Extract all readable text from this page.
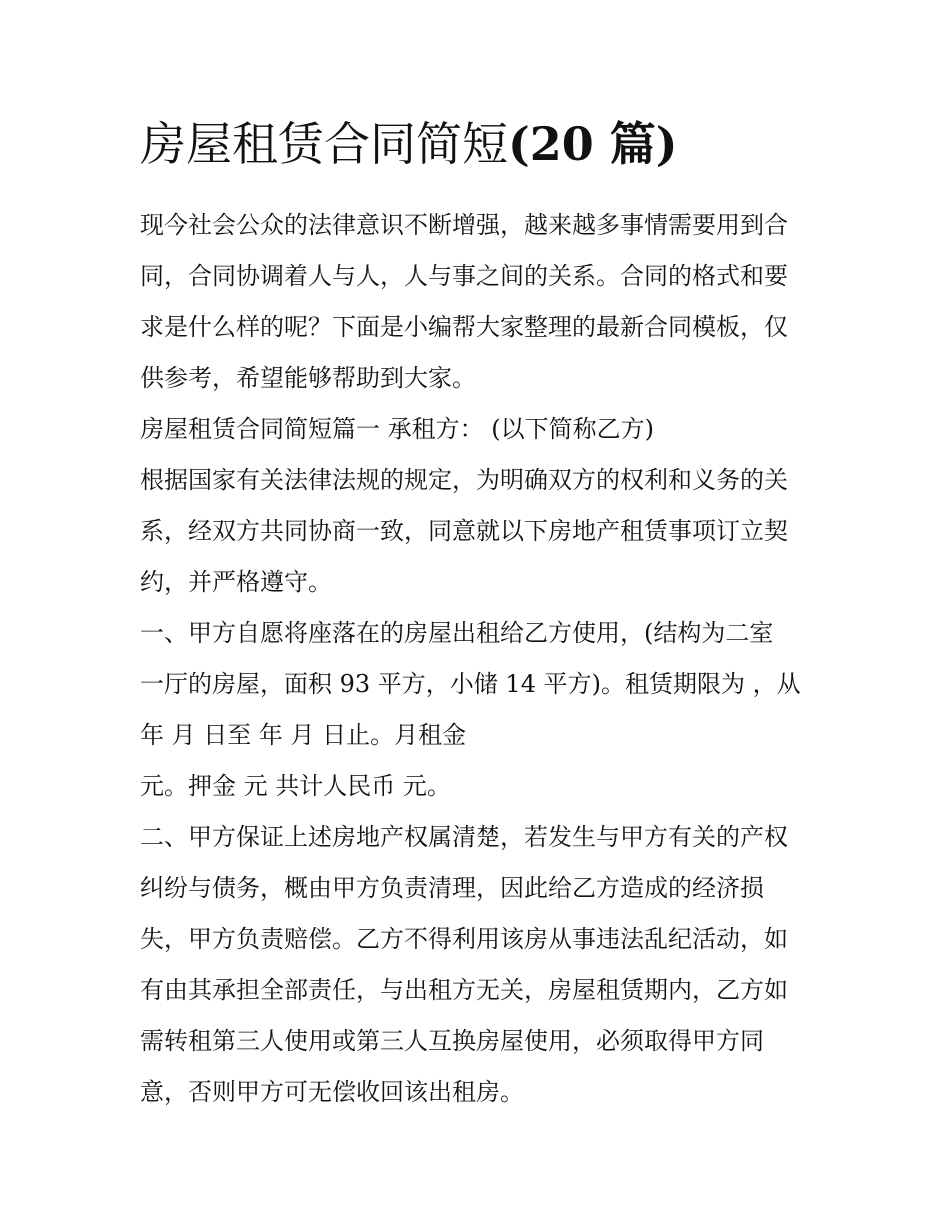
房屋租赁合同简短(20 篇)
现今社会公众的法律意识不断增强，越来越多事情需要用到合
同，合同协调着人与人，人与事之间的关系。合同的格式和要
求是什么样的呢？下面是小编帮大家整理的最新合同模板，仅
供参考，希望能够帮助到大家。
房屋租赁合同简短篇一 承租方： (以下简称乙方)
根据国家有关法律法规的规定，为明确双方的权利和义务的关
系，经双方共同协商一致，同意就以下房地产租赁事项订立契
约，并严格遵守。
一、甲方自愿将座落在的房屋出租给乙方使用，(结构为二室
一厅的房屋，面积 93 平方，小储 14 平方)。租赁期限为 ，从
年 月 日至 年 月 日止。月租金
元。押金 元 共计人民币 元。
二、甲方保证上述房地产权属清楚，若发生与甲方有关的产权
纠纷与债务，概由甲方负责清理，因此给乙方造成的经济损
失，甲方负责赔偿。乙方不得利用该房从事违法乱纪活动，如
有由其承担全部责任，与出租方无关，房屋租赁期内，乙方如
需转租第三人使用或第三人互换房屋使用，必须取得甲方同
意，否则甲方可无偿收回该出租房。
